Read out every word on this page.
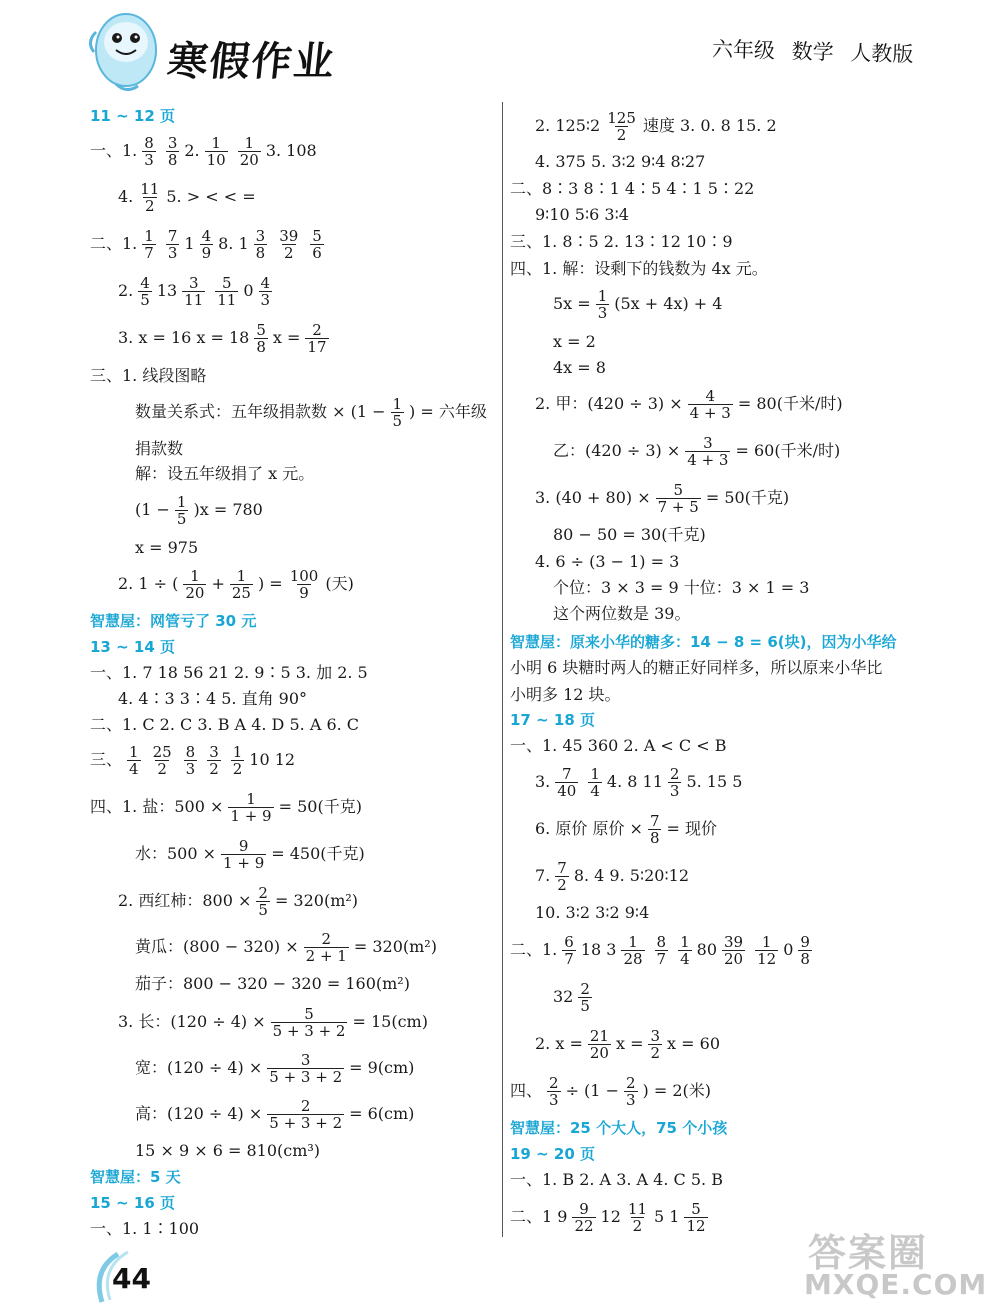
寒假作业	六年级 数学 人教版
11 ~ 12 页
一、1. $\frac{8}{3} \frac{3}{8} 2$. $\frac{1}{10} \frac{1}{20} 3$. 108
4. $\frac{11}{2} 5$. > < < =
二、1. $\frac{1}{7} \frac{7}{3} 1 \frac{4}{9} 8$. $1 \frac{3}{8} \frac{39}{2} \frac{5}{6}$
2. $\frac{4}{5} 13 \frac{3}{11} \frac{5}{11} 0 \frac{4}{3}$
3. x = 16 $x = 18 \frac{5}{8}$ $x = \frac{2}{17}$
三、1. 线段图略
数量关系式：五年级捐款数 × ($1 - \frac{1}{5}$ ) = 六年级
捐款数
解：设五年级捐了 x 元。
$(1 - \frac{1}{5} )x = 780$
x = 975
2. 1 ÷ ( $\frac{1}{20} + \frac{1}{25}$ ) = $\frac{100}{9}$ (天)
智慧屋：网管亏了 30 元
13 ~ 14 页
一、1. 7 18 56 21 2. 9∶5 3. 加 2. 5
4. 4∶3 3∶4 5. 直角 90°
二、1. C 2. C 3. B A 4. D 5. A 6. C
三、 $\frac{1}{4} \frac{25}{2} \frac{8}{3} \frac{3}{2} \frac{1}{2} 10$ 12
四、1. 盐：$500 \times \frac{1}{1 + 9} = 50$(千克)
水：$500 \times \frac{9}{1 + 9} = 450$(千克)
2. 西红柿：$800 \times \frac{2}{5} = 320(m^2)$
黄瓜：$(800 - 320) \times \frac{2}{2 + 1} = 320(m^2)$
茄子：800 − 320 − 320 = 160(m²)
3. 长：$(120 \div 4) \times \frac{5}{5 + 3 + 2} = 15(cm)$
宽：$(120 \div 4) \times \frac{3}{5 + 3 + 2} = 9(cm)$
高：$(120 \div 4) \times \frac{2}{5 + 3 + 2} = 6(cm)$
15 × 9 × 6 = 810(cm³)
智慧屋：5 天
15 ~ 16 页
一、1. 1∶100
2. 125∶2 $\frac{125}{2}$ 速度 3. 0. 8 15. 2
4. 375 5. 3∶2 9∶4 8∶27
二、8∶3 8∶1 4∶5 4∶1 5∶22
9∶10 5∶6 3∶4
三、1. 8∶5 2. 13∶12 10∶9
四、1. 解：设剩下的钱数为 4x 元。
$5x = \frac{1}{3} (5x + 4x) + 4$
x = 2
4x = 8
2. 甲：$(420 \div 3) \times \frac{4}{4 + 3} = 80$(千米/时)
乙：$(420 \div 3) \times \frac{3}{4 + 3} = 60$(千米/时)
3. $(40 + 80) \times \frac{5}{7 + 5} = 50$(千克)
80 − 50 = 30(千克)
4. 6 ÷ (3 − 1) = 3
个位：3 × 3 = 9 十位：3 × 1 = 3
这个两位数是 39。
智慧屋：原来小华的糖多：14 − 8 = 6(块)，因为小华给
小明 6 块糖时两人的糖正好同样多，所以原来小华比
小明多 12 块。
17 ~ 18 页
一、1. 45 360 2. A < C < B
3. $\frac{7}{40} \frac{1}{4} 4$. 8 $11 \frac{2}{3} 5$. 15 5
6. 原价 原价 × $\frac{7}{8}$ = 现价
7. $\frac{7}{2} 8$. 4 9. 5∶20∶12
10. 3∶2 3∶2 9∶4
二、1. $\frac{6}{7} 18$ $3 \frac{1}{28} \frac{8}{7} \frac{1}{4} 80 \frac{39}{20} \frac{1}{12} 0 \frac{9}{8}$
$32 \frac{2}{5}$
2. $x = \frac{21}{20}$ $x = \frac{3}{2}$ x = 60
四、 $\frac{2}{3} \div (1 - \frac{2}{3}$ ) = 2(米)
智慧屋：25 个大人，75 个小孩
19 ~ 20 页
一、1. B 2. A 3. A 4. C 5. B
二、1 $9 \frac{9}{22} 12 \frac{11}{2} 5$ $1 \frac{5}{12}$
44
答案圈
MXQE.COM
